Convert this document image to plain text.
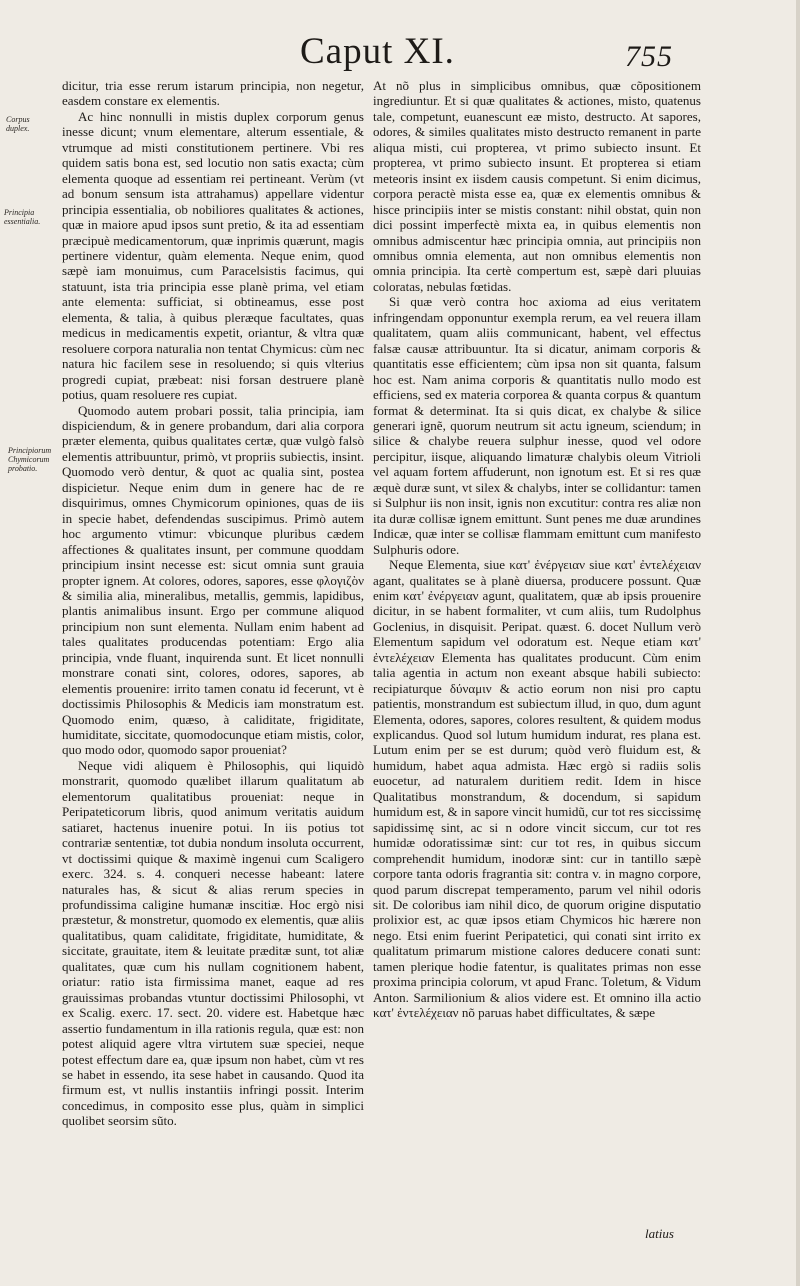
Caput XI.	755
Corpus duplex.
Principia essentialia.
Principiorum Chymicorum probatio.

dicitur, tria esse rerum istarum principia, non negetur, easdem constare ex elementis.

Ac hinc nonnulli in mistis duplex corporum genus inesse dicunt; vnum elementare, alterum essentiale, & vtrumque ad misti constitutionem pertinere. Vbi res quidem satis bona est, sed locutio non satis exacta; cùm elementa quoque ad essentiam rei pertineant. Verùm (vt ad bonum sensum ista attrahamus) appellare videntur principia essentialia, ob nobiliores qualitates & actiones, quæ in maiore apud ipsos sunt pretio, & ita ad essentiam præcipuè medicamentorum, quæ inprimis quærunt, magis pertinere videntur, quàm elementa. Neque enim, quod sæpè iam monuimus, cum Paracelsistis facimus, qui statuunt, ista tria principia esse planè prima, vel etiam ante elementa: sufficiat, si obtineamus, esse post elementa, & talia, à quibus pleræque facultates, quas medicus in medicamentis expetit, oriantur, & vltra quæ resoluere corpora naturalia non tentat Chymicus: cùm nec natura hic facilem sese in resoluendo; si quis vlterius progredi cupiat, præbeat: nisi forsan destruere planè potius, quam resoluere res cupiat.

Quomodo autem probari possit, talia principia, iam dispiciendum, & in genere probandum, dari alia corpora præter elementa, quibus qualitates certæ, quæ vulgò falsò elementis attribuuntur, primò, vt propriis subiectis, insint. Quomodo verò dentur, & quot ac qualia sint, postea dispicietur. Neque enim dum in genere hac de re disquirimus, omnes Chymicorum opiniones, quas de iis in specie habet, defendendas suscipimus. Primò autem hoc argumento vtimur: vbicunque pluribus cædem affectiones & qualitates insunt, per commune quoddam principium insint necesse est: sicut omnia sunt grauia propter ignem. At colores, odores, sapores, esse φλογιζὸν & similia alia, mineralibus, metallis, gemmis, lapidibus, plantis animalibus insunt. Ergo per commune aliquod principium non sunt elementa. Nullam enim habent ad tales qualitates producendas potentiam: Ergo alia principia, vnde fluant, inquirenda sunt. Et licet nonnulli monstrare conati sint, colores, odores, sapores, ab elementis prouenire: irrito tamen conatu id fecerunt, vt è doctissimis Philosophis & Medicis iam monstratum est. Quomodo enim, quæso, à caliditate, frigiditate, humiditate, siccitate, quomodocunque etiam mistis, color, quo modo odor, quomodo sapor proueniat?

Neque vidi aliquem è Philosophis, qui liquidò monstrarit, quomodo quælibet illarum qualitatum ab elementorum qualitatibus proueniat: neque in Peripateticorum libris, quod animum veritatis auidum satiaret, hactenus inuenire potui. In iis potius tot contrariæ sententiæ, tot dubia nondum insoluta occurrent, vt doctissimi quique & maximè ingenui cum Scaligero exerc. 324. s. 4. conqueri necesse habeant: latere naturales has, & sicut & alias rerum species in profundissima caligine humanæ inscitiæ. Hoc ergò nisi præstetur, & monstretur, quomodo ex elementis, quæ aliis qualitatibus, quam caliditate, frigiditate, humiditate, & siccitate, grauitate, item & leuitate præditæ sunt, tot aliæ qualitates, quæ cum his nullam cognitionem habent, oriatur: ratio ista firmissima manet, eaque ad res grauissimas probandas vtuntur doctissimi Philosophi, vt ex Scalig. exerc. 17. sect. 20. videre est. Habetque hæc assertio fundamentum in illa rationis regula, quæ est: non potest aliquid agere vltra virtutem suæ speciei, neque potest effectum dare ea, quæ ipsum non habet, cùm vt res se habet in essendo, ita sese habet in causando. Quod ita firmum est, vt nullis instantiis infringi possit. Interim concedimus, in composito esse plus, quàm in simplici quolibet seorsim sũto.

At nõ plus in simplicibus omnibus, quæ cõpositionem ingrediuntur. Et si quæ qualitates & actiones, misto, quatenus tale, competunt, euanescunt eæ misto, destructo. At sapores, odores, & similes qualitates misto destructo remanent in parte aliqua misti, cui propterea, vt primo subiecto insunt. Et propterea, vt primo subiecto insunt. Et propterea si etiam meteoris insint ex iisdem causis competunt. Si enim dicimus, corpora peractè mista esse ea, quæ ex elementis omnibus & hisce principiis inter se mistis constant: nihil obstat, quin non dici possint imperfectè mixta ea, in quibus elementis non omnibus admiscentur hæc principia omnia, aut principiis non omnibus omnia elementa, aut non omnibus elementis non omnia principia. Ita certè compertum est, sæpè dari pluuias coloratas, nebulas fœtidas.

Si quæ verò contra hoc axioma ad eius veritatem infringendam opponuntur exempla rerum, ea vel reuera illam qualitatem, quam aliis communicant, habent, vel effectus falsæ causæ attribuuntur. Ita si dicatur, animam corporis & quantitatis esse efficientem; cùm ipsa non sit quanta, falsum hoc est. Nam anima corporis & quantitatis nullo modo est efficiens, sed ex materia corporea & quanta corpus & quantum format & determinat. Ita si quis dicat, ex chalybe & silice generari ignẽ, quorum neutrum sit actu igneum, sciendum; in silice & chalybe reuera sulphur inesse, quod vel odore percipitur, iisque, aliquando limaturæ chalybis oleum Vitrioli vel aquam fortem affuderunt, non ignotum est. Et si res quæ æquè duræ sunt, vt silex & chalybs, inter se collidantur: tamen si Sulphur iis non insit, ignis non excutitur: contra res aliæ non ita duræ collisæ ignem emittunt. Sunt penes me duæ arundines Indicæ, quæ inter se collisæ flammam emittunt cum manifesto Sulphuris odore.

Neque Elementa, siue κατ' ἐνέργειαν siue κατ' ἐντελέχειαν agant, qualitates se à planè diuersa, producere possunt. Quæ enim κατ' ἐνέργειαν agunt, qualitatem, quæ ab ipsis prouenire dicitur, in se habent formaliter, vt cum aliis, tum Rudolphus Goclenius, in disquisit. Peripat. quæst. 6. docet Nullum verò Elementum sapidum vel odoratum est. Neque etiam κατ' ἐντελέχειαν Elementa has qualitates producunt. Cùm enim talia agentia in actum non exeant absque habili subiecto: recipiaturque δύναμιν & actio eorum non nisi pro captu patientis, monstrandum est subiectum illud, in quo, dum agunt Elementa, odores, sapores, colores resultent, & quidem modus explicandus. Quod sol lutum humidum indurat, res plana est. Lutum enim per se est durum; quòd verò fluidum est, & humidum, habet aqua admista. Hæc ergò si radiis solis euocetur, ad naturalem duritiem redit. Idem in hisce Qualitatibus monstrandum, & docendum, si sapidum humidum est, & in sapore vincit humidũ, cur tot res siccissimę sapidissimę sint, ac si n odore vincit siccum, cur tot res humidæ odoratissimæ sint: cur tot res, in quibus siccum comprehendit humidum, inodoræ sint: cur in tantillo sæpè corpore tanta odoris fragrantia sit: contra v. in magno corpore, quod parum discrepat temperamento, parum vel nihil odoris sit. De coloribus iam nihil dico, de quorum origine disputatio prolixior est, ac quæ ipsos etiam Chymicos hic hærere non nego. Etsi enim fuerint Peripatetici, qui conati sint irrito ex qualitatum primarum mistione calores deducere conati sunt: tamen plerique hodie fatentur, is qualitates primas non esse proxima principia colorum, vt apud Franc. Toletum, & Vidum Anton. Sarmilionium & alios videre est. Et omnino illa actio κατ' ἐντελέχειαν nõ paruas habet difficultates, & sæpe

latius
